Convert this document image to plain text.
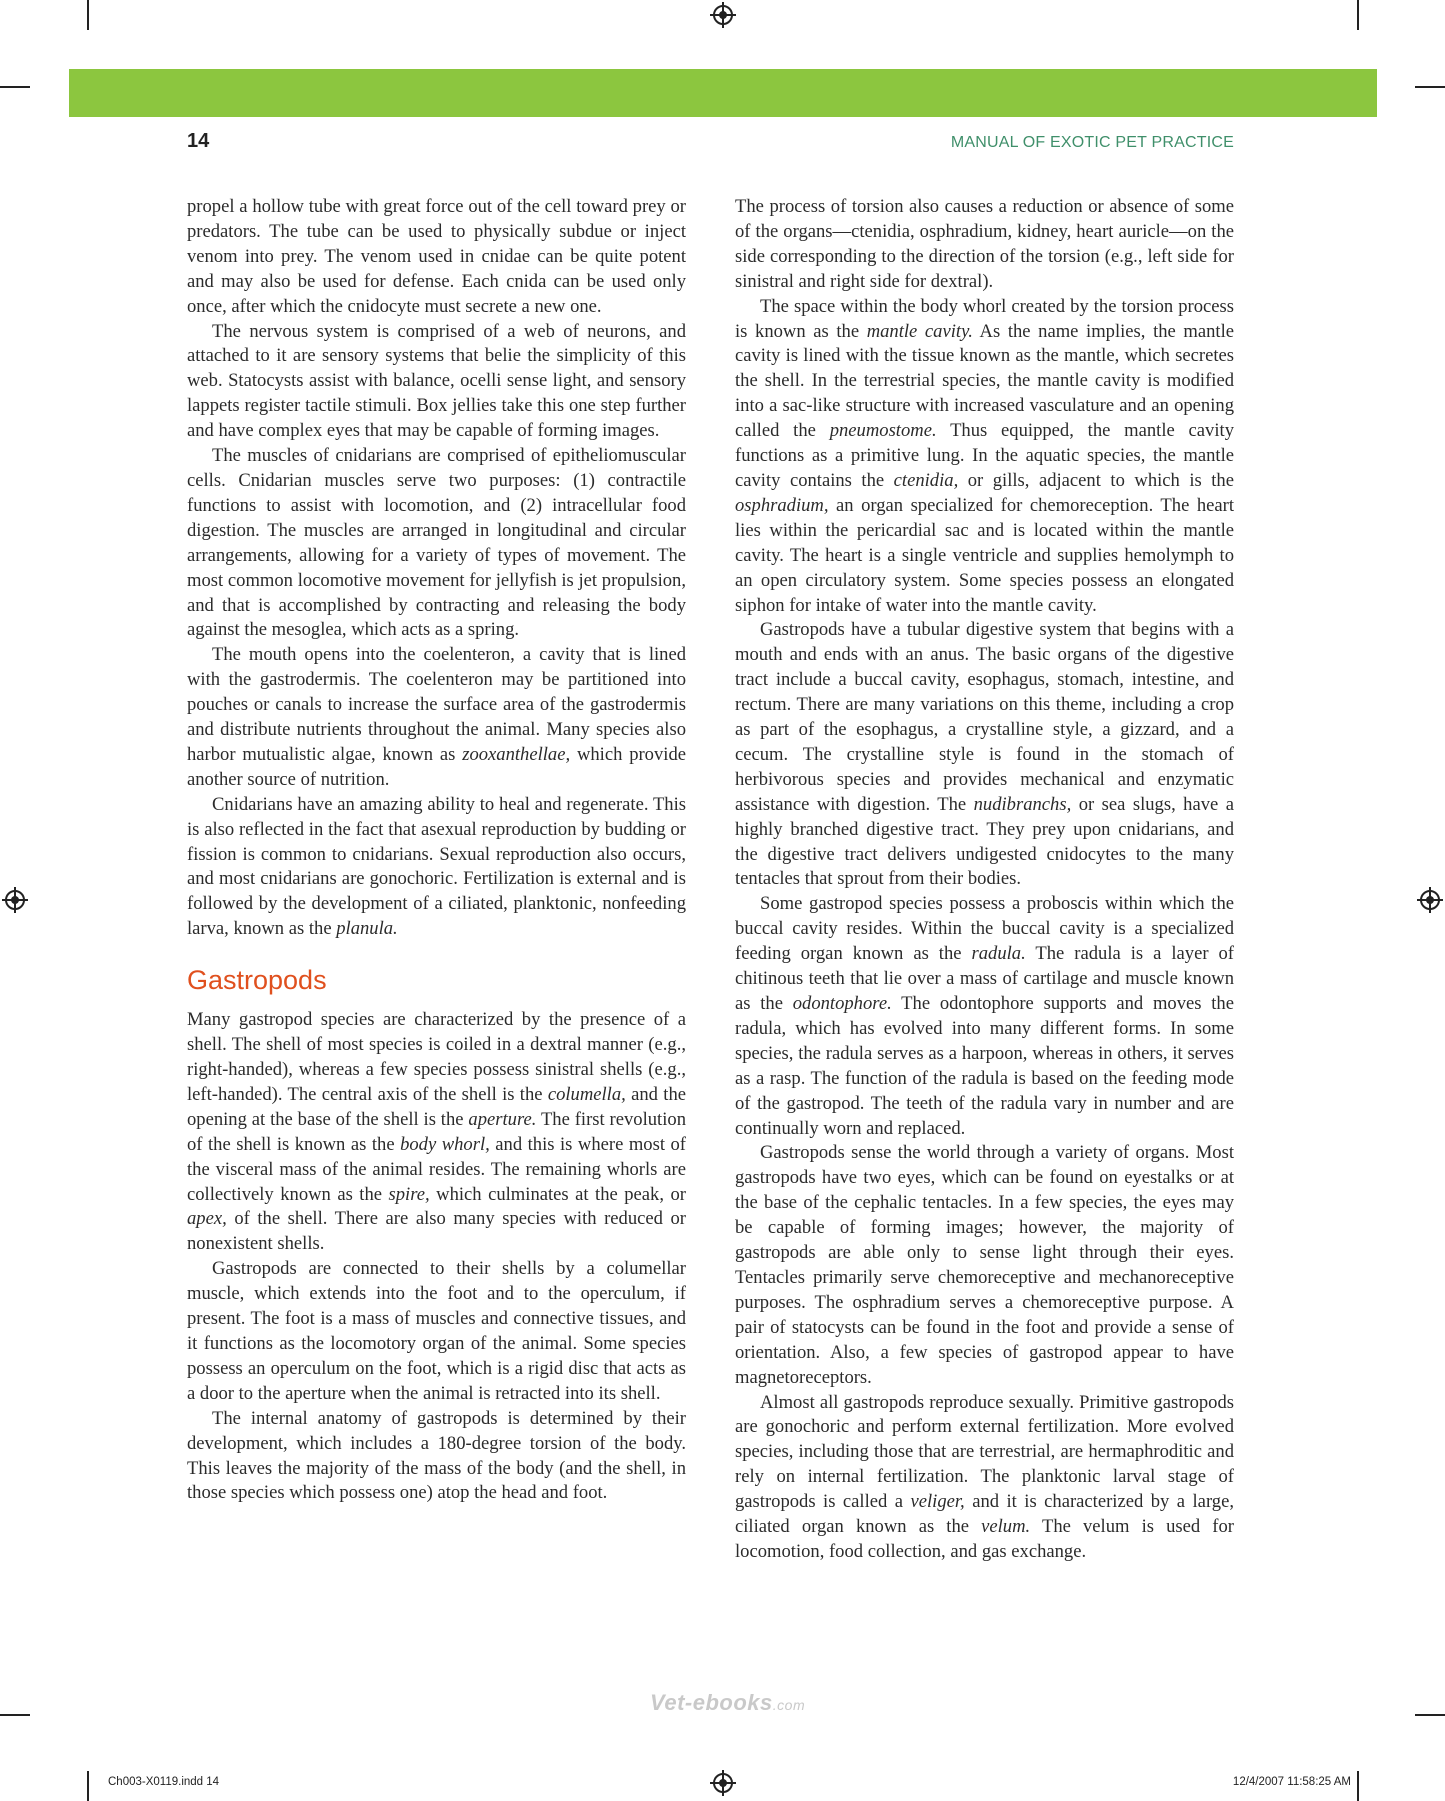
14	MANUAL OF EXOTIC PET PRACTICE

propel a hollow tube with great force out of the cell toward prey or predators. The tube can be used to physically subdue or inject venom into prey. The venom used in cnidae can be quite potent and may also be used for defense. Each cnida can be used only once, after which the cnidocyte must secrete a new one.

The nervous system is comprised of a web of neurons, and attached to it are sensory systems that belie the simplicity of this web. Statocysts assist with balance, ocelli sense light, and sensory lappets register tactile stimuli. Box jellies take this one step further and have complex eyes that may be capable of forming images.

The muscles of cnidarians are comprised of epitheliomuscular cells. Cnidarian muscles serve two purposes: (1) contractile functions to assist with locomotion, and (2) intracellular food digestion. The muscles are arranged in longitudinal and circular arrangements, allowing for a variety of types of movement. The most common locomotive movement for jellyfish is jet propulsion, and that is accomplished by contracting and releasing the body against the mesoglea, which acts as a spring.

The mouth opens into the coelenteron, a cavity that is lined with the gastrodermis. The coelenteron may be partitioned into pouches or canals to increase the surface area of the gastrodermis and distribute nutrients throughout the animal. Many species also harbor mutualistic algae, known as zooxanthellae, which provide another source of nutrition.

Cnidarians have an amazing ability to heal and regenerate. This is also reflected in the fact that asexual reproduction by budding or fission is common to cnidarians. Sexual reproduction also occurs, and most cnidarians are gonochoric. Fertilization is external and is followed by the development of a ciliated, planktonic, nonfeeding larva, known as the planula.

Gastropods

Many gastropod species are characterized by the presence of a shell. The shell of most species is coiled in a dextral manner (e.g., right-handed), whereas a few species possess sinistral shells (e.g., left-handed). The central axis of the shell is the columella, and the opening at the base of the shell is the aperture. The first revolution of the shell is known as the body whorl, and this is where most of the visceral mass of the animal resides. The remaining whorls are collectively known as the spire, which culminates at the peak, or apex, of the shell. There are also many species with reduced or nonexistent shells.

Gastropods are connected to their shells by a columellar muscle, which extends into the foot and to the operculum, if present. The foot is a mass of muscles and connective tissues, and it functions as the locomotory organ of the animal. Some species possess an operculum on the foot, which is a rigid disc that acts as a door to the aperture when the animal is retracted into its shell.

The internal anatomy of gastropods is determined by their development, which includes a 180-degree torsion of the body. This leaves the majority of the mass of the body (and the shell, in those species which possess one) atop the head and foot.

The process of torsion also causes a reduction or absence of some of the organs—ctenidia, osphradium, kidney, heart auricle—on the side corresponding to the direction of the torsion (e.g., left side for sinistral and right side for dextral).

The space within the body whorl created by the torsion process is known as the mantle cavity. As the name implies, the mantle cavity is lined with the tissue known as the mantle, which secretes the shell. In the terrestrial species, the mantle cavity is modified into a sac-like structure with increased vasculature and an opening called the pneumostome. Thus equipped, the mantle cavity functions as a primitive lung. In the aquatic species, the mantle cavity contains the ctenidia, or gills, adjacent to which is the osphradium, an organ specialized for chemoreception. The heart lies within the pericardial sac and is located within the mantle cavity. The heart is a single ventricle and supplies hemolymph to an open circulatory system. Some species possess an elongated siphon for intake of water into the mantle cavity.

Gastropods have a tubular digestive system that begins with a mouth and ends with an anus. The basic organs of the digestive tract include a buccal cavity, esophagus, stomach, intestine, and rectum. There are many variations on this theme, including a crop as part of the esophagus, a crystalline style, a gizzard, and a cecum. The crystalline style is found in the stomach of herbivorous species and provides mechanical and enzymatic assistance with digestion. The nudibranchs, or sea slugs, have a highly branched digestive tract. They prey upon cnidarians, and the digestive tract delivers undigested cnidocytes to the many tentacles that sprout from their bodies.

Some gastropod species possess a proboscis within which the buccal cavity resides. Within the buccal cavity is a specialized feeding organ known as the radula. The radula is a layer of chitinous teeth that lie over a mass of cartilage and muscle known as the odontophore. The odontophore supports and moves the radula, which has evolved into many different forms. In some species, the radula serves as a harpoon, whereas in others, it serves as a rasp. The function of the radula is based on the feeding mode of the gastropod. The teeth of the radula vary in number and are continually worn and replaced.

Gastropods sense the world through a variety of organs. Most gastropods have two eyes, which can be found on eyestalks or at the base of the cephalic tentacles. In a few species, the eyes may be capable of forming images; however, the majority of gastropods are able only to sense light through their eyes. Tentacles primarily serve chemoreceptive and mechanoreceptive purposes. The osphradium serves a chemoreceptive purpose. A pair of statocysts can be found in the foot and provide a sense of orientation. Also, a few species of gastropod appear to have magnetoreceptors.

Almost all gastropods reproduce sexually. Primitive gastropods are gonochoric and perform external fertilization. More evolved species, including those that are terrestrial, are hermaphroditic and rely on internal fertilization. The planktonic larval stage of gastropods is called a veliger, and it is characterized by a large, ciliated organ known as the velum. The velum is used for locomotion, food collection, and gas exchange.

Vet-ebooks.com
Ch003-X0119.indd 14	12/4/2007 11:58:25 AM
